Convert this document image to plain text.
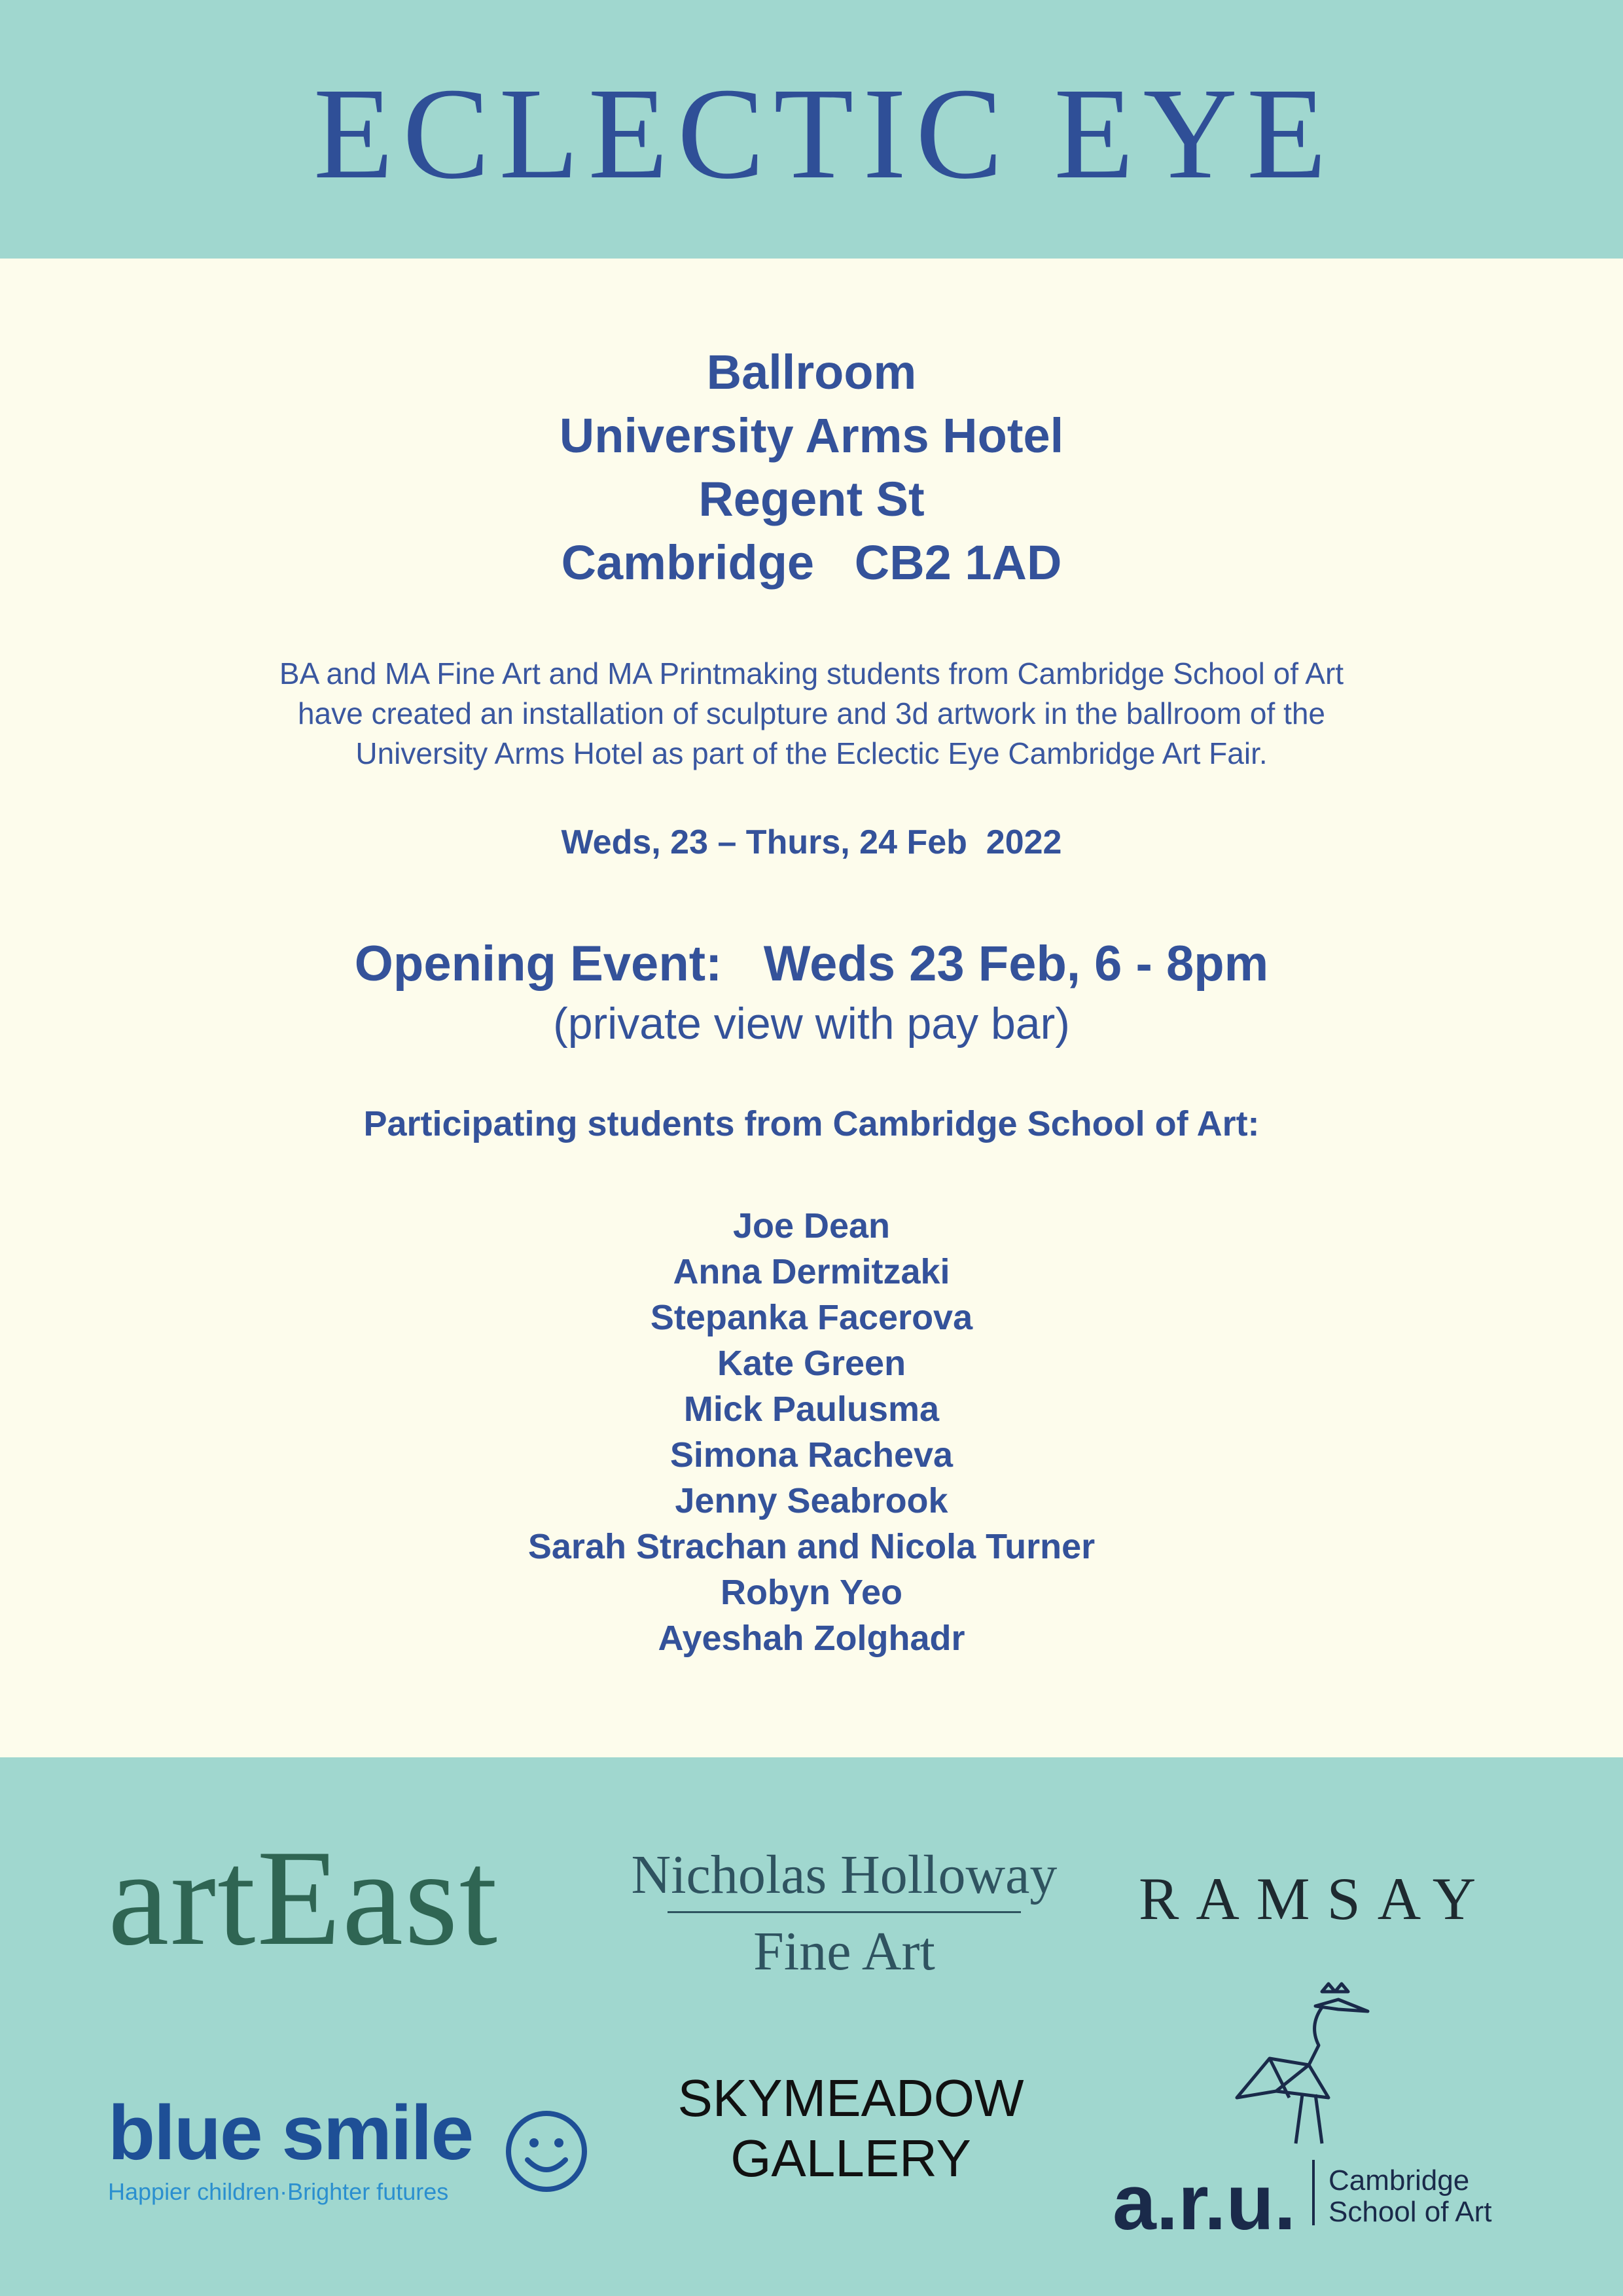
ECLECTIC EYE
Ballroom
University Arms Hotel
Regent St
Cambridge   CB2 1AD
BA and MA Fine Art and MA Printmaking students from Cambridge School of Art
have created an installation of sculpture and 3d artwork in the ballroom of the
University Arms Hotel as part of the Eclectic Eye Cambridge Art Fair.
Weds, 23 – Thurs, 24 Feb  2022
Opening Event:   Weds 23 Feb, 6 - 8pm
(private view with pay bar)
Participating students from Cambridge School of Art:
Joe Dean
Anna Dermitzaki
Stepanka Facerova
Kate Green
Mick Paulusma
Simona Racheva
Jenny Seabrook
Sarah Strachan and Nicola Turner
Robyn Yeo
Ayeshah Zolghadr
artEast Nicholas Holloway
Fine Art
RAMSAY
blue smile
Happier children·Brighter futures
SKYMEADOW
GALLERY
a.r.u. Cambridge
School of Art
